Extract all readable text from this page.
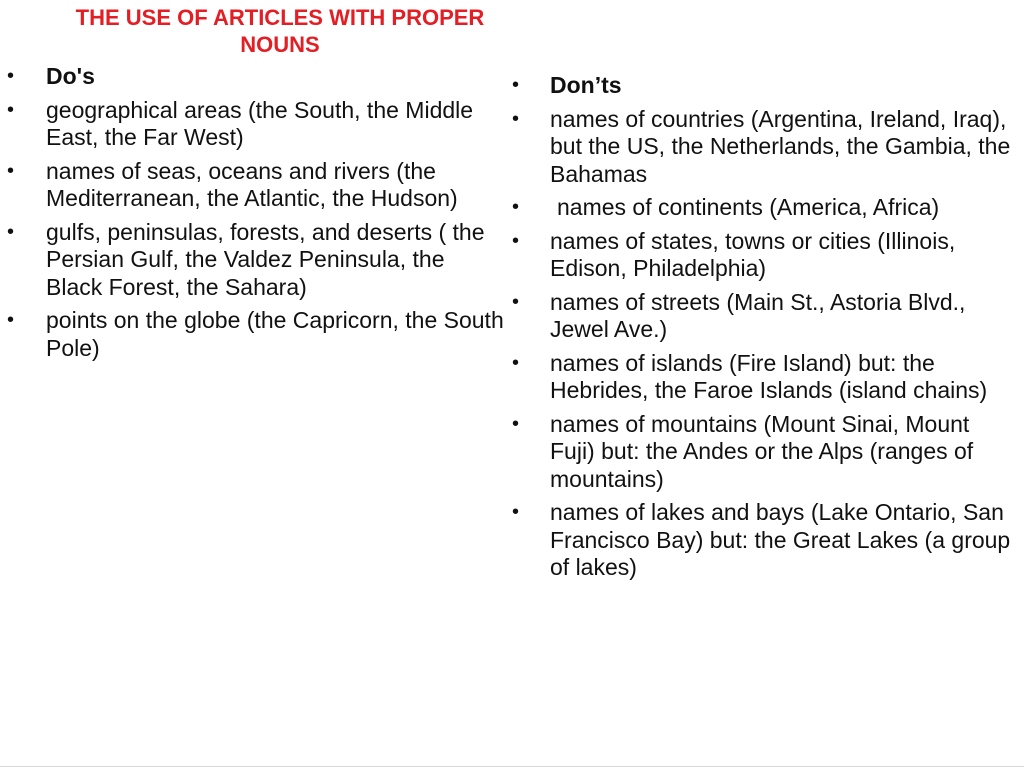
THE USE OF ARTICLES WITH PROPER NOUNS
• Do's
• geographical areas (the South, the Middle East, the Far West)
• names of seas, oceans and rivers (the Mediterranean, the Atlantic, the Hudson)
• gulfs, peninsulas, forests, and deserts ( the Persian Gulf, the Valdez Peninsula, the Black Forest, the Sahara)
• points on the globe (the Capricorn, the South Pole)
• Don’ts
• names of countries (Argentina, Ireland, Iraq), but the US, the Netherlands, the Gambia, the Bahamas
• names of continents (America, Africa)
• names of states, towns or cities (Illinois, Edison, Philadelphia)
• names of streets (Main St., Astoria Blvd., Jewel Ave.)
• names of islands (Fire Island) but: the Hebrides, the Faroe Islands (island chains)
• names of mountains (Mount Sinai, Mount Fuji) but: the Andes or the Alps (ranges of mountains)
• names of lakes and bays (Lake Ontario, San Francisco Bay) but: the Great Lakes (a group of lakes)
